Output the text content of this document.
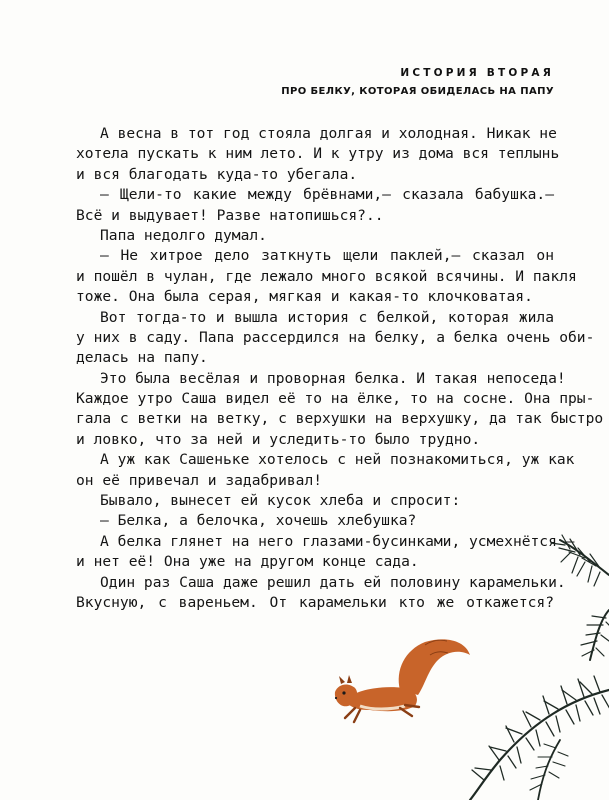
ИСТОРИЯ ВТОРАЯ
ПРО БЕЛКУ, КОТОРАЯ ОБИДЕЛАСЬ НА ПАПУ
А весна в тот год стояла долгая и холодная. Никак не
хотела пускать к ним лето. И к утру из дома вся теплынь
и вся благодать куда-то убегала.
— Щели-то какие между брёвнами,— сказала бабушка.—
Всё и выдувает! Разве натопишься?..
Папа недолго думал.
— Не хитрое дело заткнуть щели паклей,— сказал он
и пошёл в чулан, где лежало много всякой всячины. И пакля
тоже. Она была серая, мягкая и какая-то клочковатая.
Вот тогда-то и вышла история с белкой, которая жила
у них в саду. Папа рассердился на белку, а белка очень оби-
делась на папу.
Это была весёлая и проворная белка. И такая непоседа!
Каждое утро Саша видел её то на ёлке, то на сосне. Она пры-
гала с ветки на ветку, с верхушки на верхушку, да так быстро
и ловко, что за ней и уследить-то было трудно.
А уж как Сашеньке хотелось с ней познакомиться, уж как
он её привечал и задабривал!
Бывало, вынесет ей кусок хлеба и спросит:
— Белка, а белочка, хочешь хлебушка?
А белка глянет на него глазами-бусинками, усмехнётся —
и нет её! Она уже на другом конце сада.
Один раз Саша даже решил дать ей половину карамельки.
Вкусную, с вареньем. От карамельки кто же откажется?
